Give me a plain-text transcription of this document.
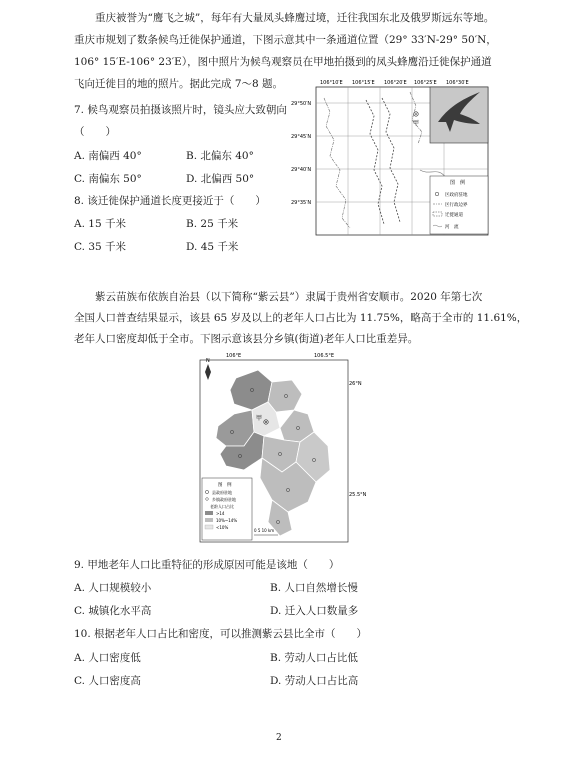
重庆被誉为“鹰飞之城”，每年有大量凤头蜂鹰过境，迁往我国东北及俄罗斯远东等地。
重庆市规划了数条候鸟迁徙保护通道，下图示意其中一条通道位置（29° 33′N-29° 50′N，
106° 15′E-106° 23′E），图中照片为候鸟观察员在甲地拍摄到的凤头蜂鹰沿迁徙保护通道
飞向迁徙目的地的照片。据此完成 7～8 题。
7. 候鸟观察员拍摄该照片时，镜头应大致朝向
（　　）
A. 南偏西 40°	B. 北偏东 40°
C. 南偏东 50°	D. 北偏西 50°
8. 该迁徙保护通道长度更接近于（　　）
A. 15 千米	B. 25 千米
C. 35 千米	D. 45 千米
106°10′E 106°15′E 106°20′E 106°25′E 106°30′E
29°50′N
29°45′N
29°40′N
29°35′N
甲
图　例
区政府驻地
区行政边界
迁徙通道
河　流
紫云苗族布依族自治县（以下简称“紫云县”）隶属于贵州省安顺市。2020 年第七次
全国人口普查结果显示，该县 65 岁及以上的老年人口占比为 11.75%，略高于全市的 11.61%，
老年人口密度却低于全市。下图示意该县分乡镇(街道)老年人口比重差异。
106°E	106.5°E
26°N
25.5°N
N
甲
图　例
县政府驻地
乡镇政府驻地
老龄人口占比
>14
10%~14%
<10%
0 5 10 km
9. 甲地老年人口比重特征的形成原因可能是该地（　　）
A. 人口规模较小	B. 人口自然增长慢
C. 城镇化水平高	D. 迁入人口数量多
10. 根据老年人口占比和密度，可以推测紫云县比全市（　　）
A. 人口密度低	B. 劳动人口占比低
C. 人口密度高	D. 劳动人口占比高
2
